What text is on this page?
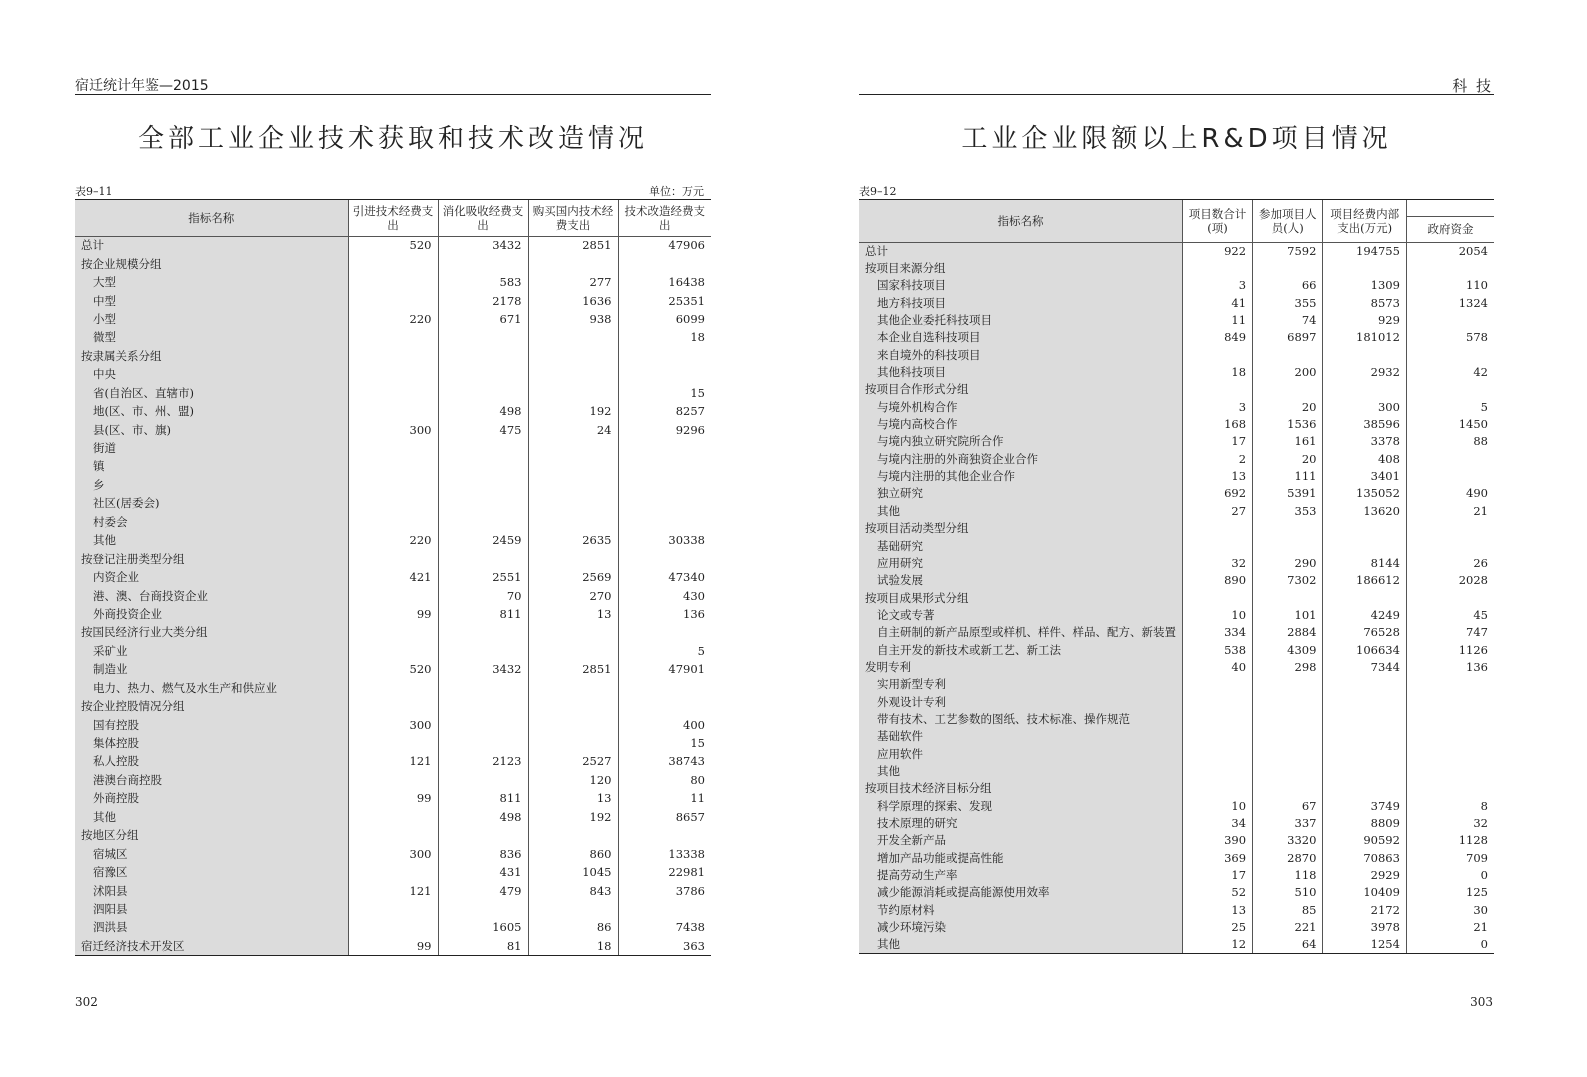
宿迁统计年鉴—2015
全部工业企业技术获取和技术改造情况
表9–11	单位：万元
指标名称	引进技术经费支出	消化吸收经费支出	购买国内技术经费支出	技术改造经费支出
总计	520	3432	2851	47906
按企业规模分组				
大型		583	277	16438
中型		2178	1636	25351
小型	220	671	938	6099
微型				18
按隶属关系分组				
中央				
省(自治区、直辖市)				15
地(区、市、州、盟)		498	192	8257
县(区、市、旗)	300	475	24	9296
街道				
镇				
乡				
社区(居委会)				
村委会				
其他	220	2459	2635	30338
按登记注册类型分组				
内资企业	421	2551	2569	47340
港、澳、台商投资企业		70	270	430
外商投资企业	99	811	13	136
按国民经济行业大类分组				
采矿业				5
制造业	520	3432	2851	47901
电力、热力、燃气及水生产和供应业				
按企业控股情况分组				
国有控股	300			400
集体控股				15
私人控股	121	2123	2527	38743
港澳台商控股			120	80
外商控股	99	811	13	11
其他		498	192	8657
按地区分组				
宿城区	300	836	860	13338
宿豫区		431	1045	22981
沭阳县	121	479	843	3786
泗阳县				
泗洪县		1605	86	7438
宿迁经济技术开发区	99	81	18	363
302
科 技
工业企业限额以上R&D项目情况
表9–12
指标名称	项目数合计(项)	参加项目人员(人)	项目经费内部支出(万元)	
				政府资金
总计	922	7592	194755	2054
按项目来源分组				
国家科技项目	3	66	1309	110
地方科技项目	41	355	8573	1324
其他企业委托科技项目	11	74	929	
本企业自选科技项目	849	6897	181012	578
来自境外的科技项目				
其他科技项目	18	200	2932	42
按项目合作形式分组				
与境外机构合作	3	20	300	5
与境内高校合作	168	1536	38596	1450
与境内独立研究院所合作	17	161	3378	88
与境内注册的外商独资企业合作	2	20	408	
与境内注册的其他企业合作	13	111	3401	
独立研究	692	5391	135052	490
其他	27	353	13620	21
按项目活动类型分组				
基础研究				
应用研究	32	290	8144	26
试验发展	890	7302	186612	2028
按项目成果形式分组				
论文或专著	10	101	4249	45
自主研制的新产品原型或样机、样件、样品、配方、新装置	334	2884	76528	747
自主开发的新技术或新工艺、新工法	538	4309	106634	1126
发明专利	40	298	7344	136
实用新型专利				
外观设计专利				
带有技术、工艺参数的图纸、技术标准、操作规范				
基础软件				
应用软件				
其他				
按项目技术经济目标分组				
科学原理的探索、发现	10	67	3749	8
技术原理的研究	34	337	8809	32
开发全新产品	390	3320	90592	1128
增加产品功能或提高性能	369	2870	70863	709
提高劳动生产率	17	118	2929	0
减少能源消耗或提高能源使用效率	52	510	10409	125
节约原材料	13	85	2172	30
减少环境污染	25	221	3978	21
其他	12	64	1254	0
303
